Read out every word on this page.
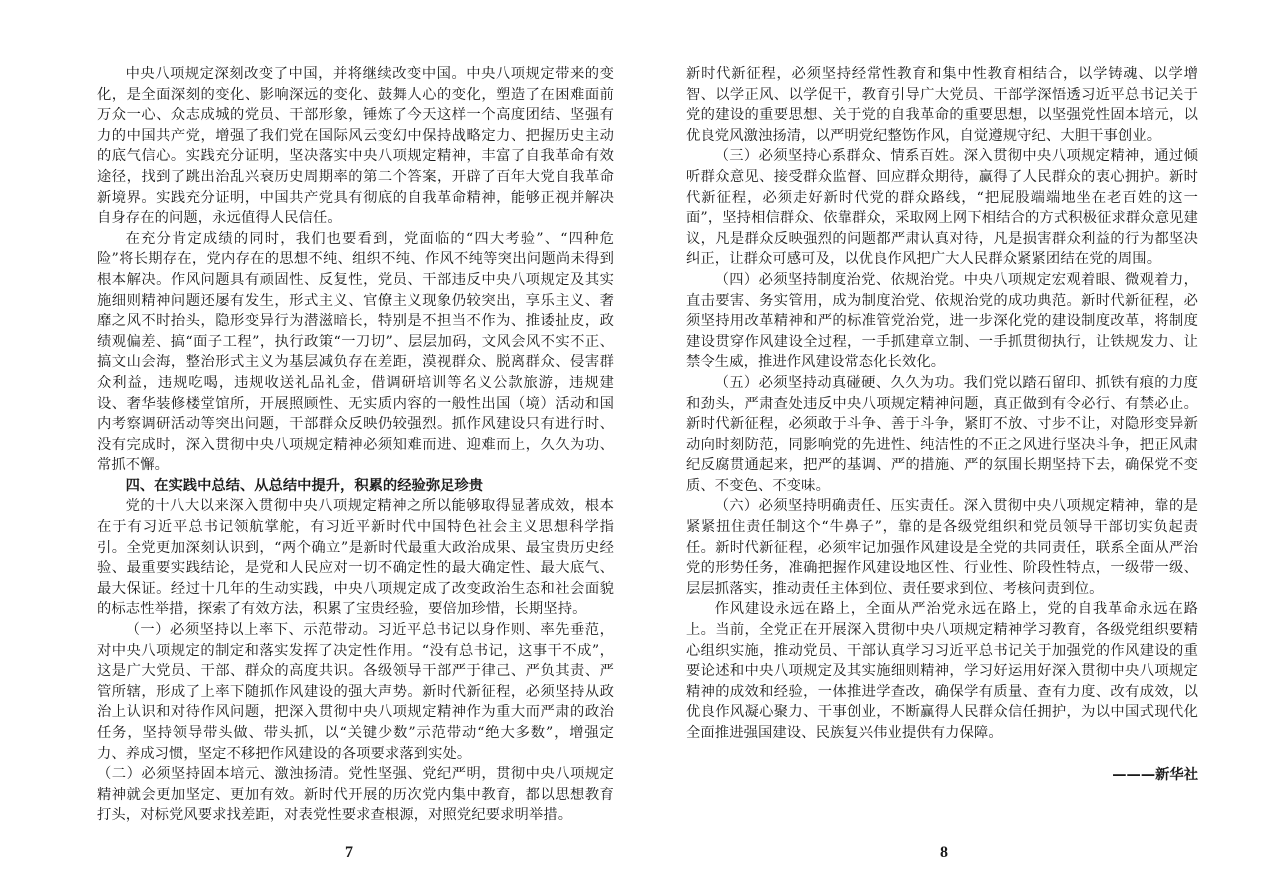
中央八项规定深刻改变了中国，并将继续改变中国。中央八项规定带来的变化，是全面深刻的变化、影响深远的变化、鼓舞人心的变化，塑造了在困难面前万众一心、众志成城的党员、干部形象，锤炼了今天这样一个高度团结、坚强有力的中国共产党，增强了我们党在国际风云变幻中保持战略定力、把握历史主动的底气信心。实践充分证明，坚决落实中央八项规定精神，丰富了自我革命有效途径，找到了跳出治乱兴衰历史周期率的第二个答案，开辟了百年大党自我革命新境界。实践充分证明，中国共产党具有彻底的自我革命精神，能够正视并解决自身存在的问题，永远值得人民信任。

在充分肯定成绩的同时，我们也要看到，党面临的“四大考验”、“四种危险”将长期存在，党内存在的思想不纯、组织不纯、作风不纯等突出问题尚未得到根本解决。作风问题具有顽固性、反复性，党员、干部违反中央八项规定及其实施细则精神问题还屡有发生，形式主义、官僚主义现象仍较突出，享乐主义、奢靡之风不时抬头，隐形变异行为潜滋暗长，特别是不担当不作为、推诿扯皮，政绩观偏差、搞“面子工程”，执行政策“一刀切”、层层加码，文风会风不实不正、搞文山会海，整治形式主义为基层减负存在差距，漠视群众、脱离群众、侵害群众利益，违规吃喝，违规收送礼品礼金，借调研培训等名义公款旅游，违规建设、奢华装修楼堂馆所，开展照顾性、无实质内容的一般性出国（境）活动和国内考察调研活动等突出问题，干部群众反映仍较强烈。抓作风建设只有进行时、没有完成时，深入贯彻中央八项规定精神必须知难而进、迎难而上，久久为功、常抓不懈。

四、在实践中总结、从总结中提升，积累的经验弥足珍贵

党的十八大以来深入贯彻中央八项规定精神之所以能够取得显著成效，根本在于有习近平总书记领航掌舵，有习近平新时代中国特色社会主义思想科学指引。全党更加深刻认识到，“两个确立”是新时代最重大政治成果、最宝贵历史经验、最重要实践结论，是党和人民应对一切不确定性的最大确定性、最大底气、最大保证。经过十几年的生动实践，中央八项规定成了改变政治生态和社会面貌的标志性举措，探索了有效方法，积累了宝贵经验，要倍加珍惜，长期坚持。

（一）必须坚持以上率下、示范带动。习近平总书记以身作则、率先垂范，对中央八项规定的制定和落实发挥了决定性作用。“没有总书记，这事干不成”，这是广大党员、干部、群众的高度共识。各级领导干部严于律己、严负其责、严管所辖，形成了上率下随抓作风建设的强大声势。新时代新征程，必须坚持从政治上认识和对待作风问题，把深入贯彻中央八项规定精神作为重大而严肃的政治任务，坚持领导带头做、带头抓，以“关键少数”示范带动“绝大多数”，增强定力、养成习惯，坚定不移把作风建设的各项要求落到实处。

（二）必须坚持固本培元、激浊扬清。党性坚强、党纪严明，贯彻中央八项规定精神就会更加坚定、更加有效。新时代开展的历次党内集中教育，都以思想教育打头，对标党风要求找差距，对表党性要求查根源，对照党纪要求明举措。

新时代新征程，必须坚持经常性教育和集中性教育相结合，以学铸魂、以学增智、以学正风、以学促干，教育引导广大党员、干部学深悟透习近平总书记关于党的建设的重要思想、关于党的自我革命的重要思想，以坚强党性固本培元，以优良党风激浊扬清，以严明党纪整饬作风，自觉遵规守纪、大胆干事创业。

（三）必须坚持心系群众、情系百姓。深入贯彻中央八项规定精神，通过倾听群众意见、接受群众监督、回应群众期待，赢得了人民群众的衷心拥护。新时代新征程，必须走好新时代党的群众路线，“把屁股端端地坐在老百姓的这一面”，坚持相信群众、依靠群众，采取网上网下相结合的方式积极征求群众意见建议，凡是群众反映强烈的问题都严肃认真对待，凡是损害群众利益的行为都坚决纠正，让群众可感可及，以优良作风把广大人民群众紧紧团结在党的周围。

（四）必须坚持制度治党、依规治党。中央八项规定宏观着眼、微观着力，直击要害、务实管用，成为制度治党、依规治党的成功典范。新时代新征程，必须坚持用改革精神和严的标准管党治党，进一步深化党的建设制度改革，将制度建设贯穿作风建设全过程，一手抓建章立制、一手抓贯彻执行，让铁规发力、让禁令生威，推进作风建设常态化长效化。

（五）必须坚持动真碰硬、久久为功。我们党以踏石留印、抓铁有痕的力度和劲头，严肃查处违反中央八项规定精神问题，真正做到有令必行、有禁必止。新时代新征程，必须敢于斗争、善于斗争，紧盯不放、寸步不让，对隐形变异新动向时刻防范，同影响党的先进性、纯洁性的不正之风进行坚决斗争，把正风肃纪反腐贯通起来，把严的基调、严的措施、严的氛围长期坚持下去，确保党不变质、不变色、不变味。

（六）必须坚持明确责任、压实责任。深入贯彻中央八项规定精神，靠的是紧紧扭住责任制这个“牛鼻子”，靠的是各级党组织和党员领导干部切实负起责任。新时代新征程，必须牢记加强作风建设是全党的共同责任，联系全面从严治党的形势任务，准确把握作风建设地区性、行业性、阶段性特点，一级带一级、层层抓落实，推动责任主体到位、责任要求到位、考核问责到位。

作风建设永远在路上，全面从严治党永远在路上，党的自我革命永远在路上。当前，全党正在开展深入贯彻中央八项规定精神学习教育，各级党组织要精心组织实施，推动党员、干部认真学习习近平总书记关于加强党的作风建设的重要论述和中央八项规定及其实施细则精神，学习好运用好深入贯彻中央八项规定精神的成效和经验，一体推进学查改，确保学有质量、查有力度、改有成效，以优良作风凝心聚力、干事创业，不断赢得人民群众信任拥护，为以中国式现代化全面推进强国建设、民族复兴伟业提供有力保障。

———新华社

7	8
